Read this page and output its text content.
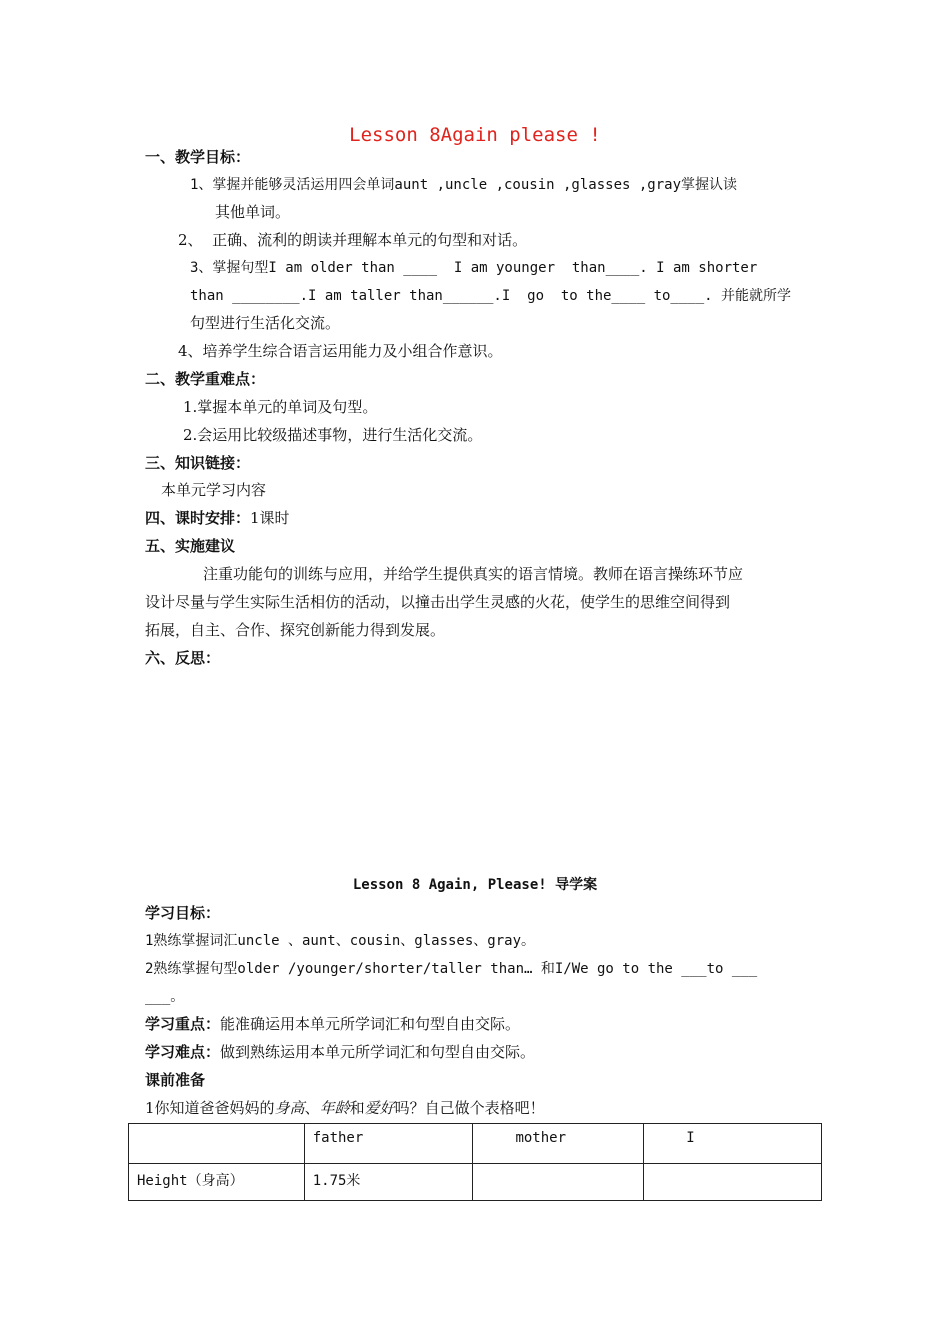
Lesson 8Again please !
一、教学目标：
1、掌握并能够灵活运用四会单词aunt ,uncle ,cousin ,glasses ,gray掌握认读
其他单词。
2、  正确、流利的朗读并理解本单元的句型和对话。
3、掌握句型I am older than ____  I am younger  than____. I am shorter
than ________.I am taller than______.I  go  to the____ to____. 并能就所学
句型进行生活化交流。
4、培养学生综合语言运用能力及小组合作意识。
二、教学重难点：
1.掌握本单元的单词及句型。
2.会运用比较级描述事物，进行生活化交流。
三、知识链接：
本单元学习内容
四、课时安排：1课时
五、实施建议
注重功能句的训练与应用，并给学生提供真实的语言情境。教师在语言操练环节应
设计尽量与学生实际生活相仿的活动，以撞击出学生灵感的火花，使学生的思维空间得到
拓展，自主、合作、探究创新能力得到发展。
六、反思：
Lesson 8 Again, Please! 导学案
学习目标：
1熟练掌握词汇uncle 、aunt、cousin、glasses、gray。
2熟练掌握句型older /younger/shorter/taller than… 和I/We go to the ___to ___
___。
学习重点：能准确运用本单元所学词汇和句型自由交际。
学习难点：做到熟练运用本单元所学词汇和句型自由交际。
课前准备
1你知道爸爸妈妈的身高、年龄和爱好吗？自己做个表格吧！
	father	mother	I
Height（身高）	1.75米		
